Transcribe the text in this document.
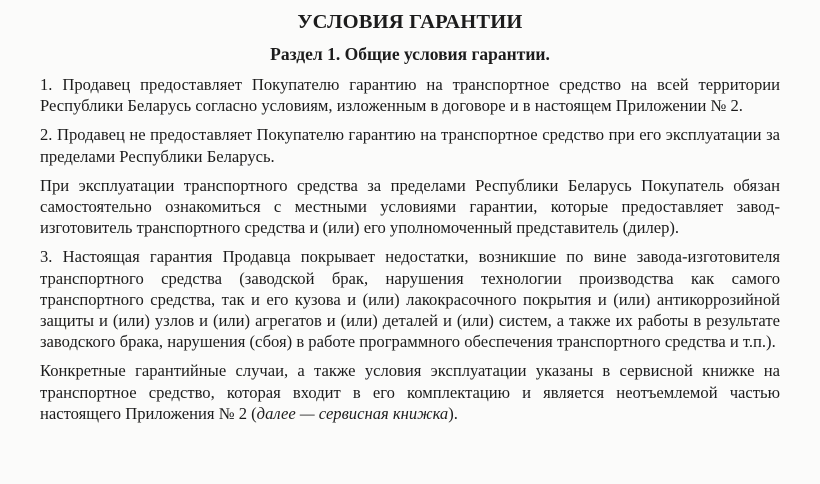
УСЛОВИЯ ГАРАНТИИ
Раздел 1. Общие условия гарантии.

1. Продавец предоставляет Покупателю гарантию на транспортное средство на всей территории Республики Беларусь согласно условиям, изложенным в договоре и в настоящем Приложении № 2.

2. Продавец не предоставляет Покупателю гарантию на транспортное средство при его эксплуатации за пределами Республики Беларусь.

При эксплуатации транспортного средства за пределами Республики Беларусь Покупатель обязан самостоятельно ознакомиться с местными условиями гарантии, которые предоставляет завод-изготовитель транспортного средства и (или) его уполномоченный представитель (дилер).

3. Настоящая гарантия Продавца покрывает недостатки, возникшие по вине завода-изготовителя транспортного средства (заводской брак, нарушения технологии производства как самого транспортного средства, так и его кузова и (или) лакокрасочного покрытия и (или) антикоррозийной защиты и (или) узлов и (или) агрегатов и (или) деталей и (или) систем, а также их работы в результате заводского брака, нарушения (сбоя) в работе программного обеспечения транспортного средства и т.п.).

Конкретные гарантийные случаи, а также условия эксплуатации указаны в сервисной книжке на транспортное средство, которая входит в его комплектацию и является неотъемлемой частью настоящего Приложения № 2 (далее — сервисная книжка).
